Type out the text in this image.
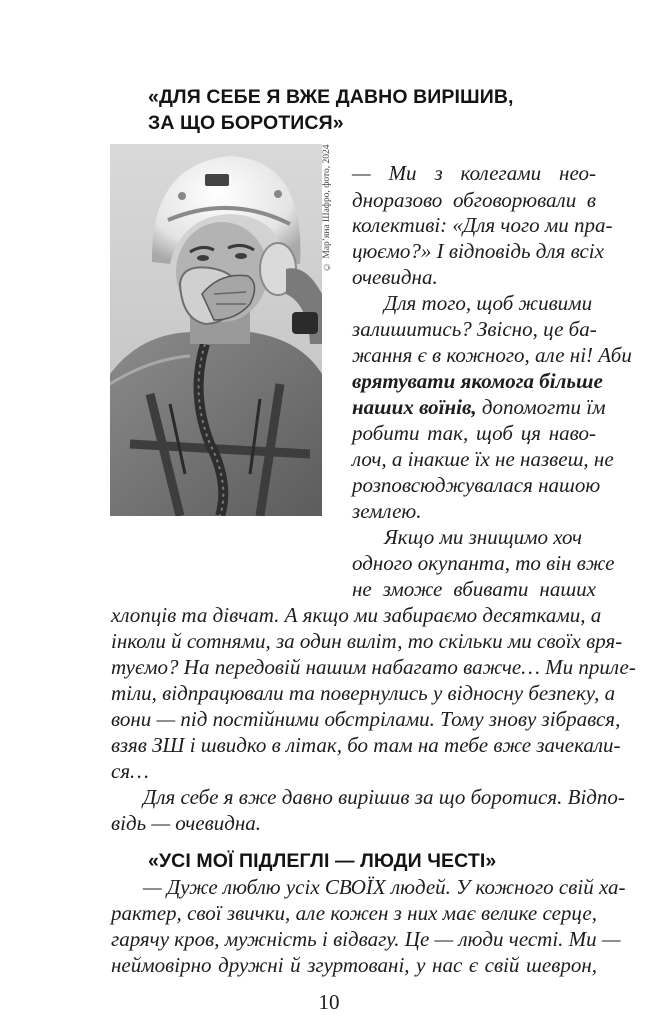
«ДЛЯ СЕБЕ Я ВЖЕ ДАВНО ВИРІШИВ,
ЗА ЩО БОРОТИСЯ»
© Мар’яна Шафро, фото, 2024 — Ми з колегами нео-
дноразово обговорювали в
колективі: «Для чого ми пра-
цюємо?» І відповідь для всіх
очевидна.
Для того, щоб живими
залишитись? Звісно, це ба-
жання є в кожного, але ні! Аби
врятувати якомога більше
наших воїнів, допомогти їм
робити так, щоб ця наво-
лоч, а інакше їх не назвеш, не
розповсюджувалася нашою
землею.
Якщо ми знищимо хоч
одного окупанта, то він вже
не зможе вбивати наших
хлопців та дівчат. А якщо ми забираємо десятками, а
інколи й сотнями, за один виліт, то скільки ми своїх вря-
туємо? На передовій нашим набагато важче… Ми приле-
тіли, відпрацювали та повернулись у відносну безпеку, а
вони — під постійними обстрілами. Тому знову зібрався,
взяв ЗШ і швидко в літак, бо там на тебе вже зачекали-
ся…
Для себе я вже давно вирішив за що боротися. Відпо-
відь — очевидна.
«УСІ МОЇ ПІДЛЕГЛІ — ЛЮДИ ЧЕСТІ»
— Дуже люблю усіх СВОЇХ людей. У кожного свій ха-
рактер, свої звички, але кожен з них має велике серце,
гарячу кров, мужність і відвагу. Це — люди честі. Ми —
неймовірно дружні й згуртовані, у нас є свій шеврон,
10
